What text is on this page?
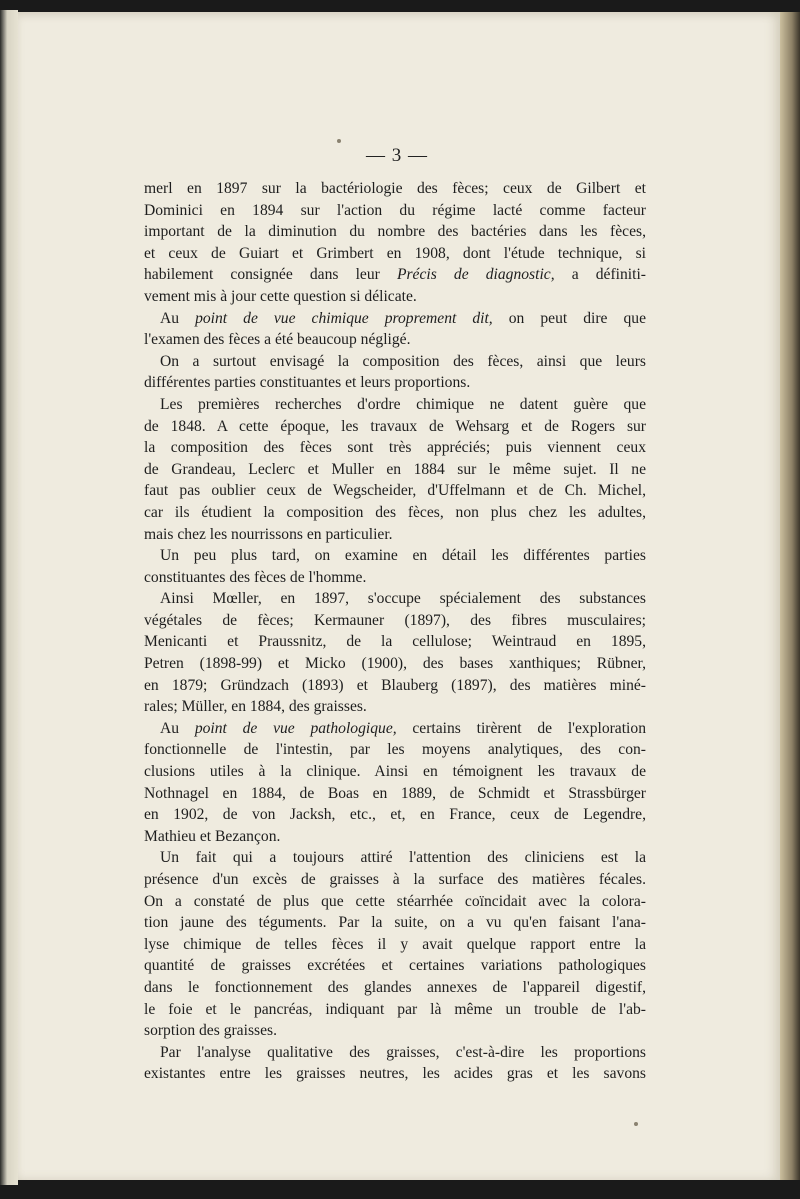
— 3 —
merl en 1897 sur la bactériologie des fèces; ceux de Gilbert et
Dominici en 1894 sur l'action du régime lacté comme facteur
important de la diminution du nombre des bactéries dans les fèces,
et ceux de Guiart et Grimbert en 1908, dont l'étude technique, si
habilement consignée dans leur Précis de diagnostic, a définiti-
vement mis à jour cette question si délicate.
Au point de vue chimique proprement dit, on peut dire que
l'examen des fèces a été beaucoup négligé.
On a surtout envisagé la composition des fèces, ainsi que leurs
différentes parties constituantes et leurs proportions.
Les premières recherches d'ordre chimique ne datent guère que
de 1848. A cette époque, les travaux de Wehsarg et de Rogers sur
la composition des fèces sont très appréciés; puis viennent ceux
de Grandeau, Leclerc et Muller en 1884 sur le même sujet. Il ne
faut pas oublier ceux de Wegscheider, d'Uffelmann et de Ch. Michel,
car ils étudient la composition des fèces, non plus chez les adultes,
mais chez les nourrissons en particulier.
Un peu plus tard, on examine en détail les différentes parties
constituantes des fèces de l'homme.
Ainsi Mœller, en 1897, s'occupe spécialement des substances
végétales de fèces; Kermauner (1897), des fibres musculaires;
Menicanti et Praussnitz, de la cellulose; Weintraud en 1895,
Petren (1898-99) et Micko (1900), des bases xanthiques; Rübner,
en 1879; Gründzach (1893) et Blauberg (1897), des matières miné-
rales; Müller, en 1884, des graisses.
Au point de vue pathologique, certains tirèrent de l'exploration
fonctionnelle de l'intestin, par les moyens analytiques, des con-
clusions utiles à la clinique. Ainsi en témoignent les travaux de
Nothnagel en 1884, de Boas en 1889, de Schmidt et Strassbürger
en 1902, de von Jacksh, etc., et, en France, ceux de Legendre,
Mathieu et Bezançon.
Un fait qui a toujours attiré l'attention des cliniciens est la
présence d'un excès de graisses à la surface des matières fécales.
On a constaté de plus que cette stéarrhée coïncidait avec la colora-
tion jaune des téguments. Par la suite, on a vu qu'en faisant l'ana-
lyse chimique de telles fèces il y avait quelque rapport entre la
quantité de graisses excrétées et certaines variations pathologiques
dans le fonctionnement des glandes annexes de l'appareil digestif,
le foie et le pancréas, indiquant par là même un trouble de l'ab-
sorption des graisses.
Par l'analyse qualitative des graisses, c'est-à-dire les proportions
existantes entre les graisses neutres, les acides gras et les savons
